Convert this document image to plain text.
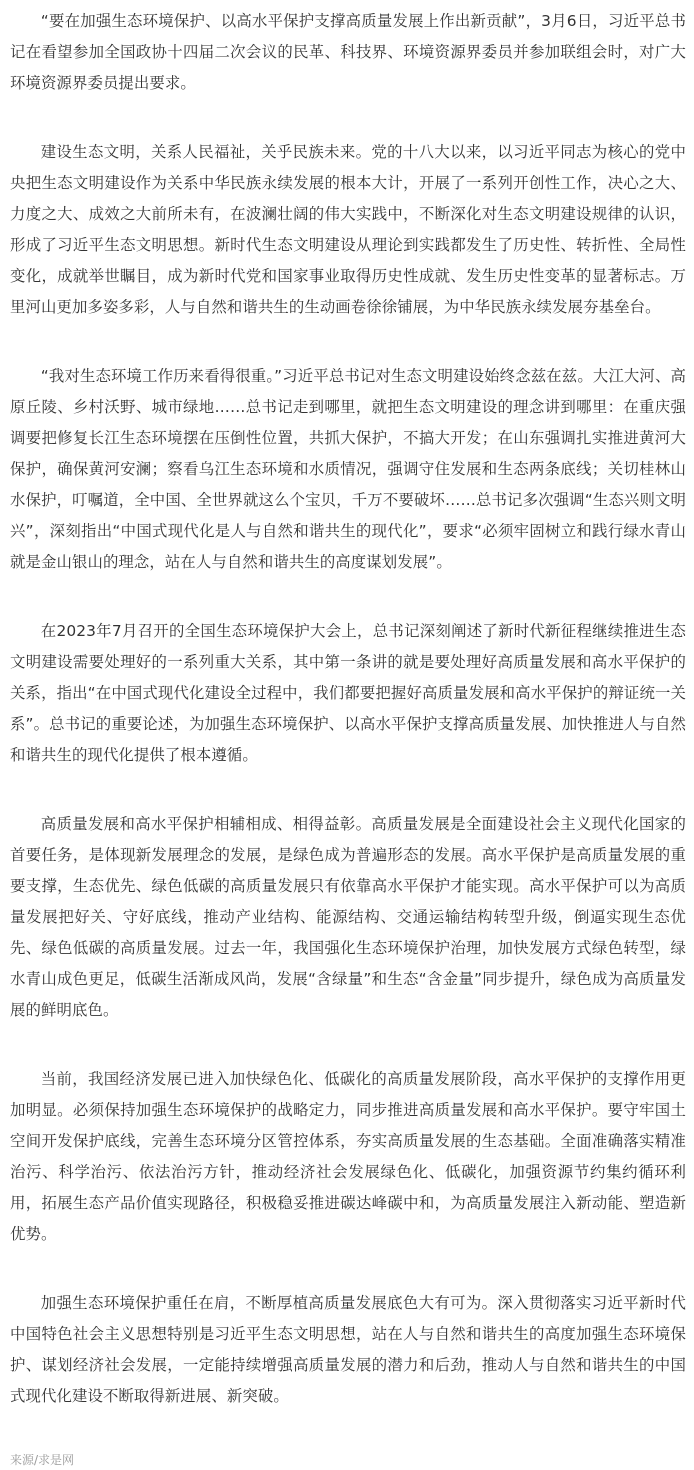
“要在加强生态环境保护、以高水平保护支撑高质量发展上作出新贡献”，3月6日，习近平总书记在看望参加全国政协十四届二次会议的民革、科技界、环境资源界委员并参加联组会时，对广大环境资源界委员提出要求。

建设生态文明，关系人民福祉，关乎民族未来。党的十八大以来，以习近平同志为核心的党中央把生态文明建设作为关系中华民族永续发展的根本大计，开展了一系列开创性工作，决心之大、力度之大、成效之大前所未有，在波澜壮阔的伟大实践中，不断深化对生态文明建设规律的认识，形成了习近平生态文明思想。新时代生态文明建设从理论到实践都发生了历史性、转折性、全局性变化，成就举世瞩目，成为新时代党和国家事业取得历史性成就、发生历史性变革的显著标志。万里河山更加多姿多彩，人与自然和谐共生的生动画卷徐徐铺展，为中华民族永续发展夯基垒台。

“我对生态环境工作历来看得很重。”习近平总书记对生态文明建设始终念兹在兹。大江大河、高原丘陵、乡村沃野、城市绿地……总书记走到哪里，就把生态文明建设的理念讲到哪里：在重庆强调要把修复长江生态环境摆在压倒性位置，共抓大保护，不搞大开发；在山东强调扎实推进黄河大保护，确保黄河安澜；察看乌江生态环境和水质情况，强调守住发展和生态两条底线；关切桂林山水保护，叮嘱道，全中国、全世界就这么个宝贝，千万不要破坏……总书记多次强调“生态兴则文明兴”，深刻指出“中国式现代化是人与自然和谐共生的现代化”，要求“必须牢固树立和践行绿水青山就是金山银山的理念，站在人与自然和谐共生的高度谋划发展”。

在2023年7月召开的全国生态环境保护大会上，总书记深刻阐述了新时代新征程继续推进生态文明建设需要处理好的一系列重大关系，其中第一条讲的就是要处理好高质量发展和高水平保护的关系，指出“在中国式现代化建设全过程中，我们都要把握好高质量发展和高水平保护的辩证统一关系”。总书记的重要论述，为加强生态环境保护、以高水平保护支撑高质量发展、加快推进人与自然和谐共生的现代化提供了根本遵循。

高质量发展和高水平保护相辅相成、相得益彰。高质量发展是全面建设社会主义现代化国家的首要任务，是体现新发展理念的发展，是绿色成为普遍形态的发展。高水平保护是高质量发展的重要支撑，生态优先、绿色低碳的高质量发展只有依靠高水平保护才能实现。高水平保护可以为高质量发展把好关、守好底线，推动产业结构、能源结构、交通运输结构转型升级，倒逼实现生态优先、绿色低碳的高质量发展。过去一年，我国强化生态环境保护治理，加快发展方式绿色转型，绿水青山成色更足，低碳生活渐成风尚，发展“含绿量”和生态“含金量”同步提升，绿色成为高质量发展的鲜明底色。

当前，我国经济发展已进入加快绿色化、低碳化的高质量发展阶段，高水平保护的支撑作用更加明显。必须保持加强生态环境保护的战略定力，同步推进高质量发展和高水平保护。要守牢国土空间开发保护底线，完善生态环境分区管控体系，夯实高质量发展的生态基础。全面准确落实精准治污、科学治污、依法治污方针，推动经济社会发展绿色化、低碳化，加强资源节约集约循环利用，拓展生态产品价值实现路径，积极稳妥推进碳达峰碳中和，为高质量发展注入新动能、塑造新优势。

加强生态环境保护重任在肩，不断厚植高质量发展底色大有可为。深入贯彻落实习近平新时代中国特色社会主义思想特别是习近平生态文明思想，站在人与自然和谐共生的高度加强生态环境保护、谋划经济社会发展，一定能持续增强高质量发展的潜力和后劲，推动人与自然和谐共生的中国式现代化建设不断取得新进展、新突破。

来源/求是网
